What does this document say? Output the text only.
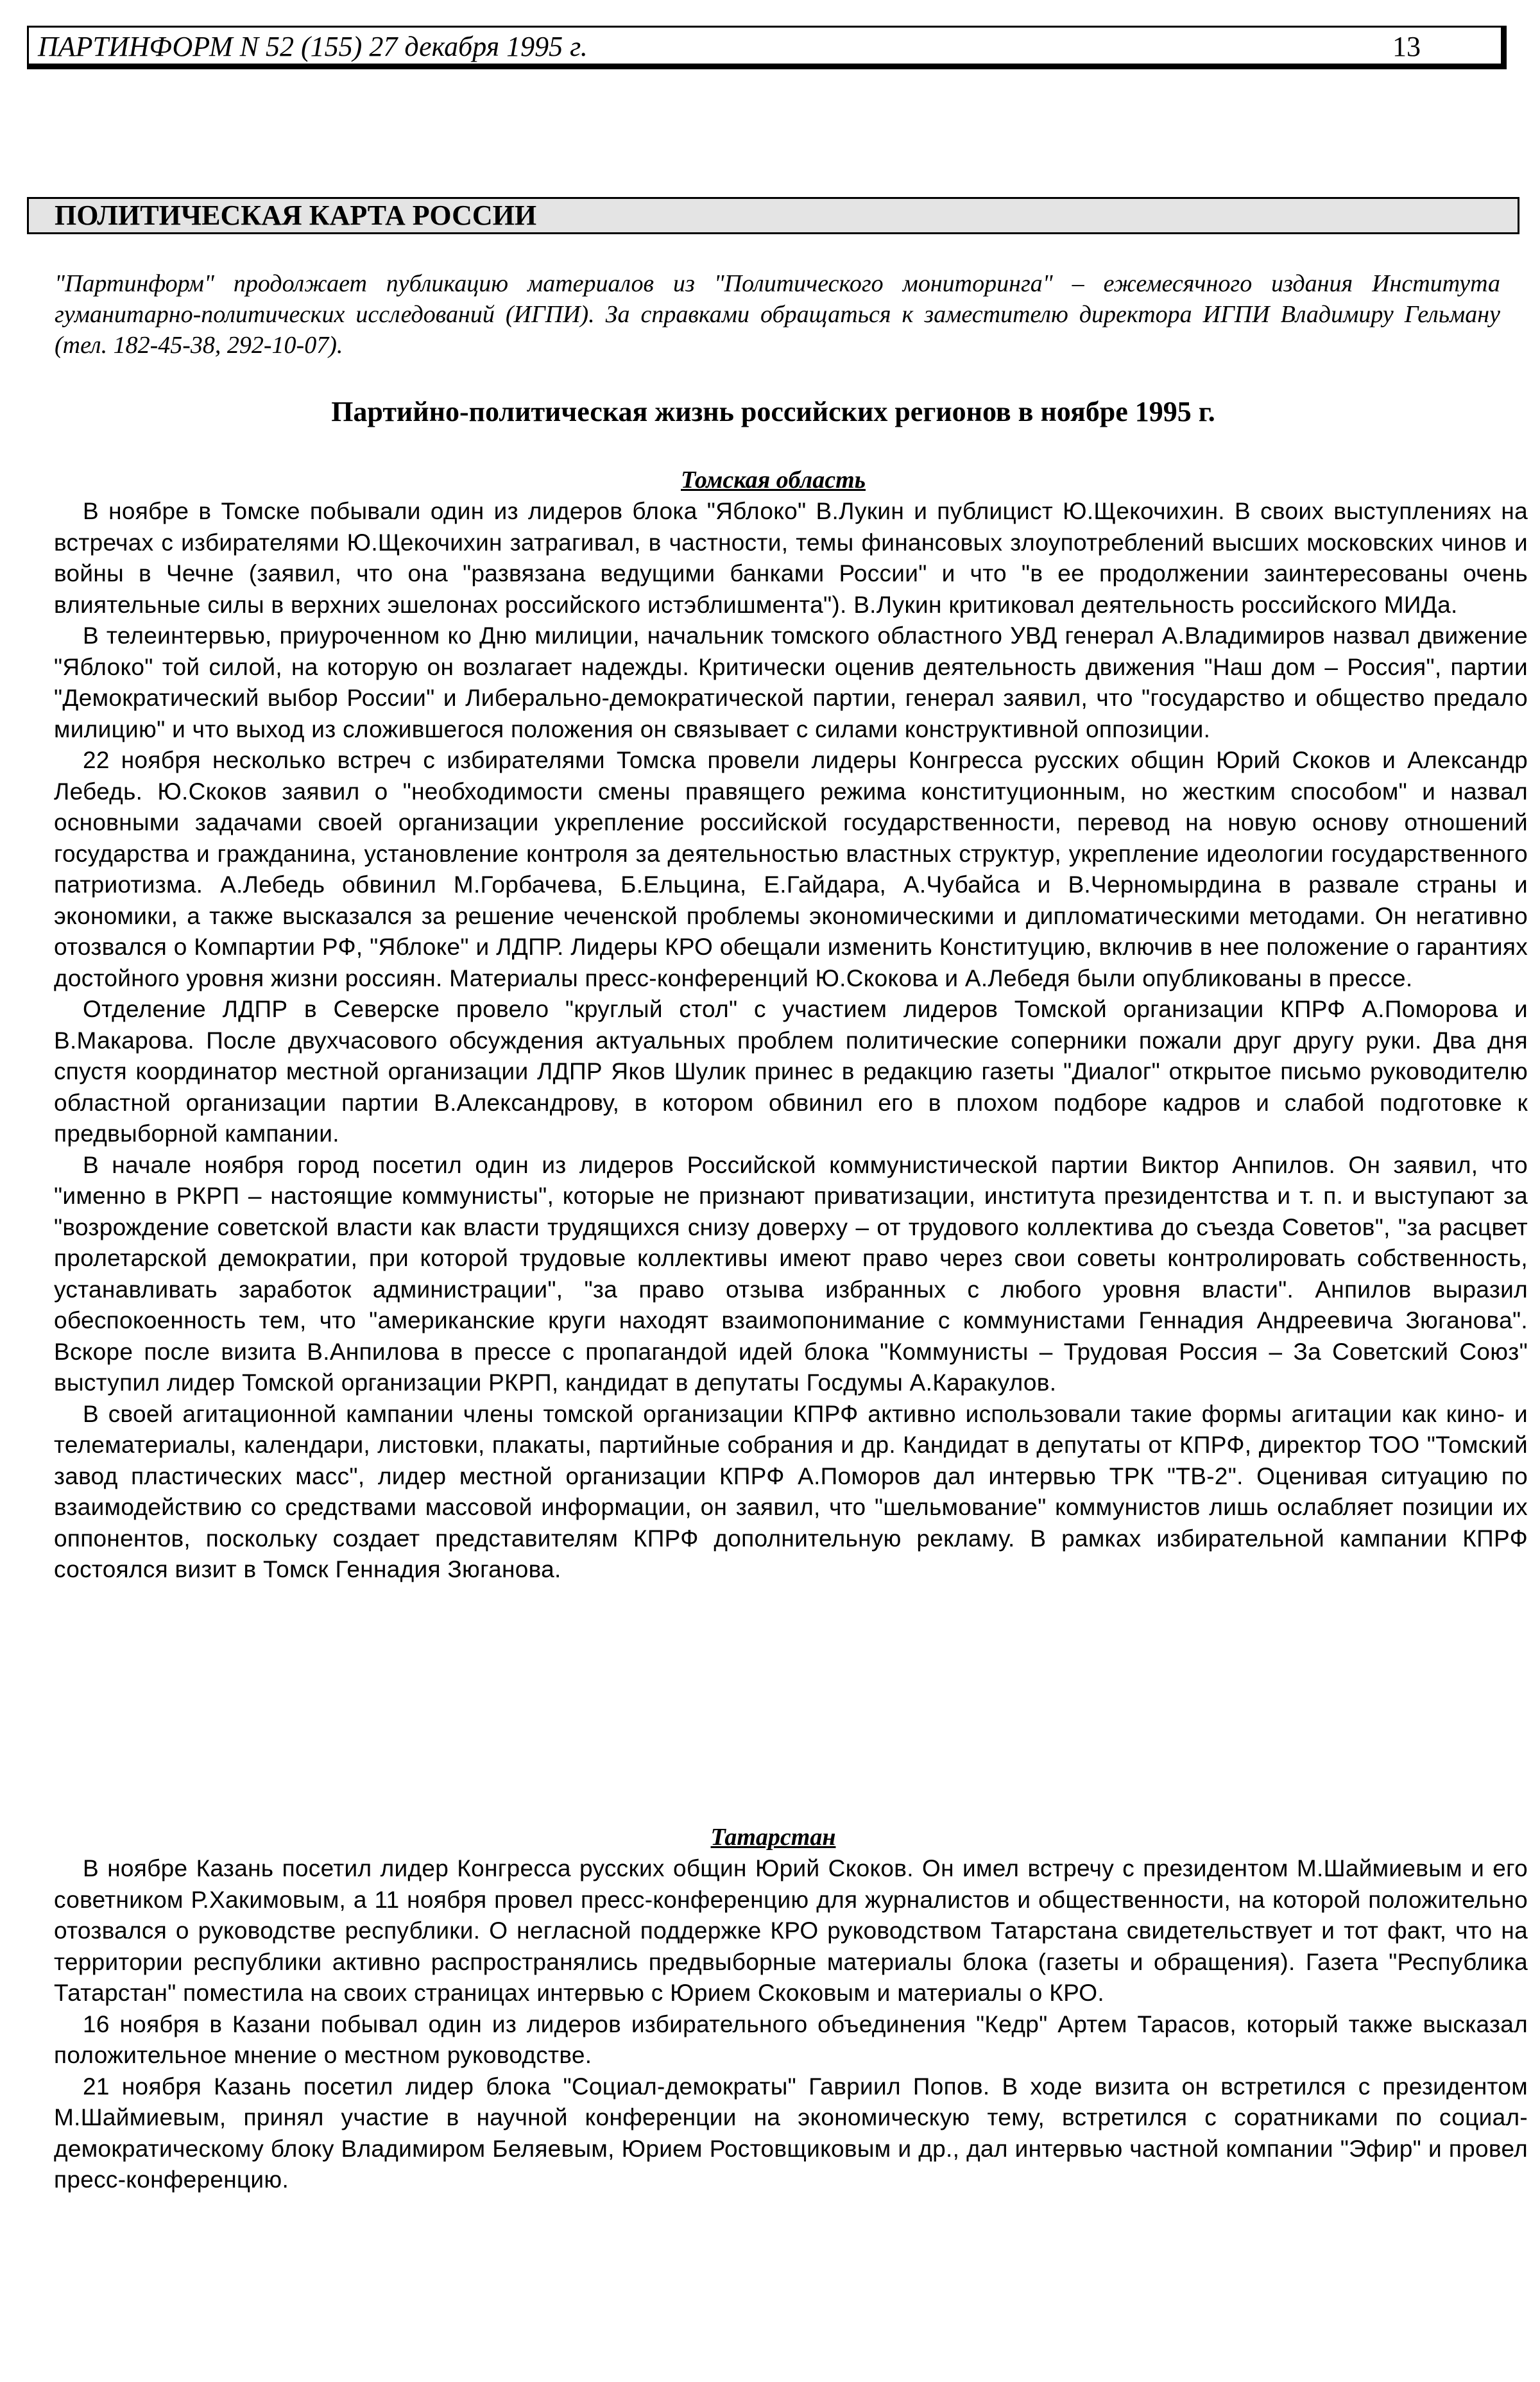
ПАРТИНФОРМ N 52 (155) 27 декабря 1995 г.	13
ПОЛИТИЧЕСКАЯ КАРТА РОССИИ

"Партинформ" продолжает публикацию материалов из "Политического мониторинга" – ежемесячного издания Института гуманитарно-политических исследований (ИГПИ). За справками обращаться к заместителю директора ИГПИ Владимиру Гельману (тел. 182-45-38, 292-10-07).

Партийно-политическая жизнь российских регионов в ноябре 1995 г.
Томская область

В ноябре в Томске побывали один из лидеров блока "Яблоко" В.Лукин и публицист Ю.Щекочихин. В своих выступлениях на встречах с избирателями Ю.Щекочихин затрагивал, в частности, темы финансовых злоупотреблений высших московских чинов и войны в Чечне (заявил, что она "развязана ведущими банками России" и что "в ее продолжении заинтересованы очень влиятельные силы в верхних эшелонах российского истэблишмента"). В.Лукин критиковал деятельность российского МИДа.

В телеинтервью, приуроченном ко Дню милиции, начальник томского областного УВД генерал А.Владимиров назвал движение "Яблоко" той силой, на которую он возлагает надежды. Критически оценив деятельность движения "Наш дом – Россия", партии "Демократический выбор России" и Либерально-демократической партии, генерал заявил, что "государство и общество предало милицию" и что выход из сложившегося положения он связывает с силами конструктивной оппозиции.

22 ноября несколько встреч с избирателями Томска провели лидеры Конгресса русских общин Юрий Скоков и Александр Лебедь. Ю.Скоков заявил о "необходимости смены правящего режима конституционным, но жестким способом" и назвал основными задачами своей организации укрепление российской государственности, перевод на новую основу отношений государства и гражданина, установление контроля за деятельностью властных структур, укрепление идеологии государственного патриотизма. А.Лебедь обвинил М.Горбачева, Б.Ельцина, Е.Гайдара, А.Чубайса и В.Черномырдина в развале страны и экономики, а также высказался за решение чеченской проблемы экономическими и дипломатическими методами. Он негативно отозвался о Компартии РФ, "Яблоке" и ЛДПР. Лидеры КРО обещали изменить Конституцию, включив в нее положение о гарантиях достойного уровня жизни россиян. Материалы пресс-конференций Ю.Скокова и А.Лебедя были опубликованы в прессе.

Отделение ЛДПР в Северске провело "круглый стол" с участием лидеров Томской организации КПРФ А.Поморова и В.Макарова. После двухчасового обсуждения актуальных проблем политические соперники пожали друг другу руки. Два дня спустя координатор местной организации ЛДПР Яков Шулик принес в редакцию газеты "Диалог" открытое письмо руководителю областной организации партии В.Александрову, в котором обвинил его в плохом подборе кадров и слабой подготовке к предвыборной кампании.

В начале ноября город посетил один из лидеров Российской коммунистической партии Виктор Анпилов. Он заявил, что "именно в РКРП – настоящие коммунисты", которые не признают приватизации, института президентства и т. п. и выступают за "возрождение советской власти как власти трудящихся снизу доверху – от трудового коллектива до съезда Советов", "за расцвет пролетарской демократии, при которой трудовые коллективы имеют право через свои советы контролировать собственность, устанавливать заработок администрации", "за право отзыва избранных с любого уровня власти". Анпилов выразил обеспокоенность тем, что "американские круги находят взаимопонимание с коммунистами Геннадия Андреевича Зюганова". Вскоре после визита В.Анпилова в прессе с пропагандой идей блока "Коммунисты – Трудовая Россия – За Советский Союз" выступил лидер Томской организации РКРП, кандидат в депутаты Госдумы А.Каракулов.

В своей агитационной кампании члены томской организации КПРФ активно использовали такие формы агитации как кино- и телематериалы, календари, листовки, плакаты, партийные собрания и др. Кандидат в депутаты от КПРФ, директор ТОО "Томский завод пластических масс", лидер местной организации КПРФ А.Поморов дал интервью ТРК "ТВ-2". Оценивая ситуацию по взаимодействию со средствами массовой информации, он заявил, что "шельмование" коммунистов лишь ослабляет позиции их оппонентов, поскольку создает представителям КПРФ дополнительную рекламу. В рамках избирательной кампании КПРФ состоялся визит в Томск Геннадия Зюганова.

Татарстан

В ноябре Казань посетил лидер Конгресса русских общин Юрий Скоков. Он имел встречу с президентом М.Шаймиевым и его советником Р.Хакимовым, а 11 ноября провел пресс-конференцию для журналистов и общественности, на которой положительно отозвался о руководстве республики. О негласной поддержке КРО руководством Татарстана свидетельствует и тот факт, что на территории республики активно распространялись предвыборные материалы блока (газеты и обращения). Газета "Республика Татарстан" поместила на своих страницах интервью с Юрием Скоковым и материалы о КРО.

16 ноября в Казани побывал один из лидеров избирательного объединения "Кедр" Артем Тарасов, который также высказал положительное мнение о местном руководстве.

21 ноября Казань посетил лидер блока "Социал-демократы" Гавриил Попов. В ходе визита он встретился с президентом М.Шаймиевым, принял участие в научной конференции на экономическую тему, встретился с соратниками по социал-демократическому блоку Владимиром Беляевым, Юрием Ростовщиковым и др., дал интервью частной компании "Эфир" и провел пресс-конференцию.
